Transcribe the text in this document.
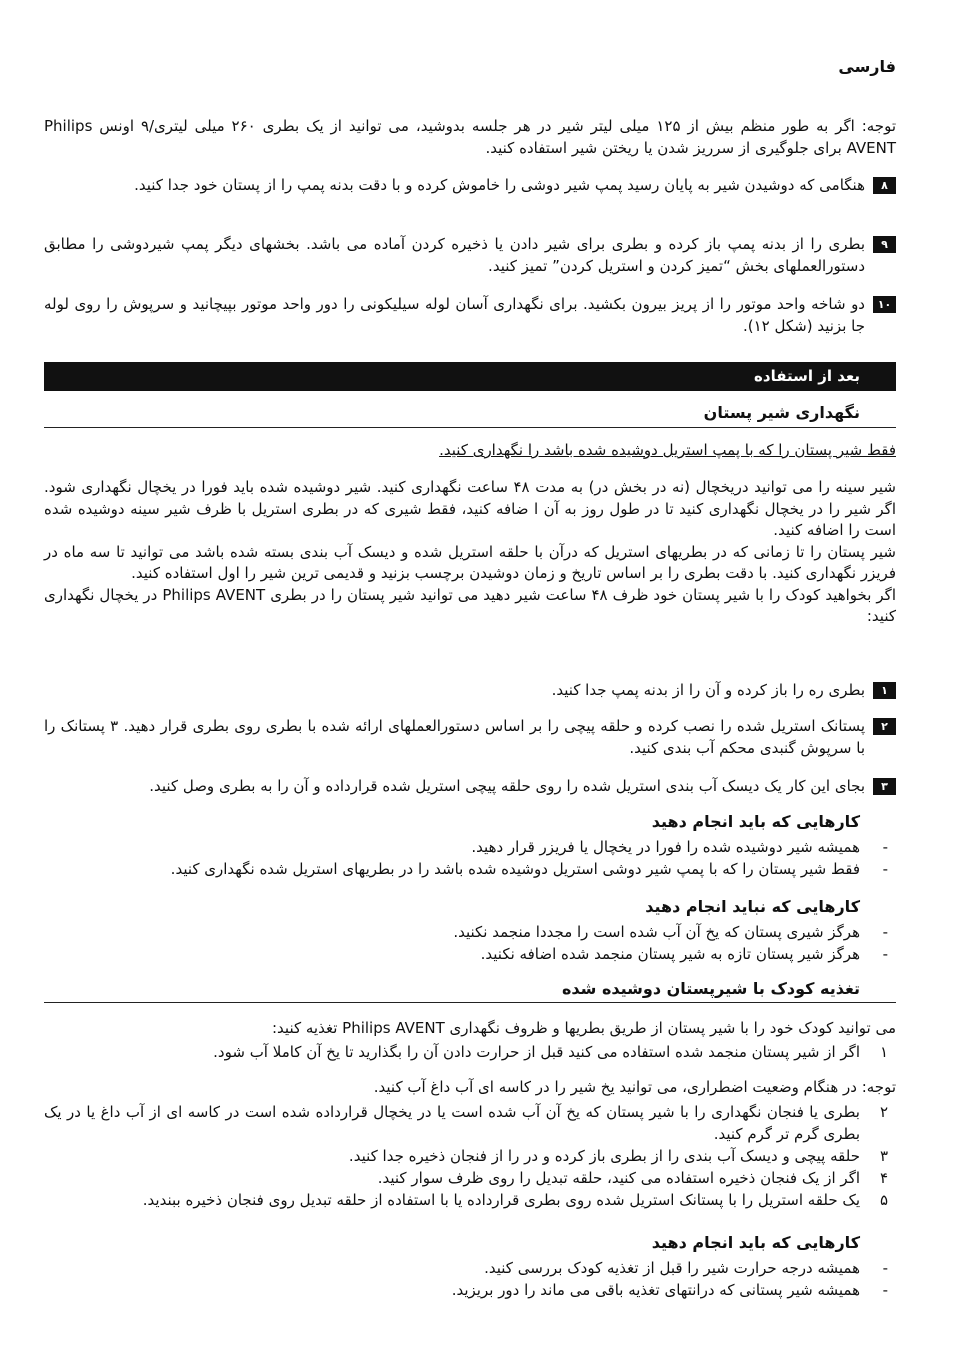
فارسی

توجه: اگر به طور منظم بیش از ۱۲۵ میلی لیتر شیر در هر جلسه بدوشید، می توانید از یک بطری ۲۶۰ میلی لیتری/۹ اونس Philips AVENT برای جلوگیری از سرریز شدن یا ریختن شیر استفاده کنید.

۸

هنگامی که دوشیدن شیر به پایان رسید پمپ شیر دوشی را خاموش کرده و با دقت بدنه پمپ را از پستان خود جدا کنید.

۹

بطری را از بدنه پمپ باز کرده و بطری برای شیر دادن یا ذخیره کردن آماده می باشد. بخشهای دیگر پمپ شیردوشی را مطابق دستورالعملهای بخش “تمیز کردن و استریل کردن” تمیز کنید.

۱۰

دو شاخه واحد موتور را از پریز بیرون بکشید. برای نگهداری آسان لوله سیلیکونی را دور واحد موتور بپیچانید و سرپوش را روی لوله جا بزنید (شکل ۱۲).

بعد از استفاده
نگهداری شیر پستان

فقط شیر پستان را که با پمپ استریل دوشیده شده باشد را نگهداری کنید.

شیر سینه را می توانید دریخچال (نه در بخش در) به مدت ۴۸ ساعت نگهداری کنید. شیر دوشیده شده باید فورا در یخچال نگهداری شود. اگر شیر را در یخچال نگهداری کنید تا در طول روز به آن ا ضافه کنید، فقط شیری که در بطری استریل با ظرف شیر سینه دوشیده شده است را اضافه کنید.

شیر پستان را تا زمانی که در بطریهای استریل که درآن با حلقه استریل شده و دیسک آب بندی بسته شده باشد می توانید تا سه ماه در فریزر نگهداری کنید. با دقت بطری را بر اساس تاریخ و زمان دوشیدن برچسب بزنید و قدیمی ترین شیر را اول استفاده کنید.

اگر بخواهید کودک را با شیر پستان خود ظرف ۴۸ ساعت شیر دهید می توانید شیر پستان را در بطری Philips AVENT در یخچال نگهداری کنید:

۱

بطری ره را باز کرده و آن را از بدنه پمپ جدا کنید.

۲

پستانک استریل شده را نصب کرده و حلقه پیچی را بر اساس دستورالعملهای ارائه شده با بطری روی بطری قرار دهید. ۳ پستانک را با سرپوش گنبدی محکم آب بندی کنید.

۳

بجای این کار یک دیسک آب بندی استریل شده را روی حلقه پیچی استریل شده قرارداده و آن را به بطری وصل کنید.

کارهایی که باید انجام دهید
-
همیشه شیر دوشیده شده را فورا در یخچال یا فریزر قرار دهید.
-
فقط شیر پستان را که با پمپ شیر دوشی استریل دوشیده شده باشد را در بطریهای استریل شده نگهداری کنید.
کارهایی که نباید انجام دهید
-
هرگز شیری پستان که یخ آن آب شده است را مجددا منجمد نکنید.
-
هرگز شیر پستان تازه به شیر پستان منجمد شده اضافه نکنید.
تغذیه کودک با شیرپستان دوشیده شده

می توانید کودک خود را با شیر پستان از طریق بطریها و ظروف نگهداری Philips AVENT تغذیه کنید:

۱
اگر از شیر پستان منجمد شده استفاده می کنید قبل از حرارت دادن آن را بگذارید تا یخ آن کاملا آب شود.

توجه: در هنگام وضعیت اضطراری، می توانید یخ شیر را در کاسه ای آب داغ آب کنید.

۲
بطری یا فنجان نگهداری را با شیر پستان که یخ آن آب شده است یا در یخچال قرارداده شده است در کاسه ای از آب داغ یا در یک بطری گرم تر گرم کنید.
۳
حلقه پیچی و دیسک آب بندی را از بطری باز کرده و در را از فنجان ذخیره جدا کنید.
۴
اگر از یک فنجان ذخیره استفاده می کنید، حلقه تبدیل را روی ظرف سوار کنید.
۵
یک حلقه استریل را با پستانک استریل شده روی بطری قرارداده یا با استفاده از حلقه تبدیل روی فنجان ذخیره ببندید.
کارهایی که باید انجام دهید
-
همیشه درجه حرارت شیر را قبل از تغذیه کودک بررسی کنید.
-
همیشه شیر پستانی که درانتهای تغذیه باقی می ماند را دور بریزید.
